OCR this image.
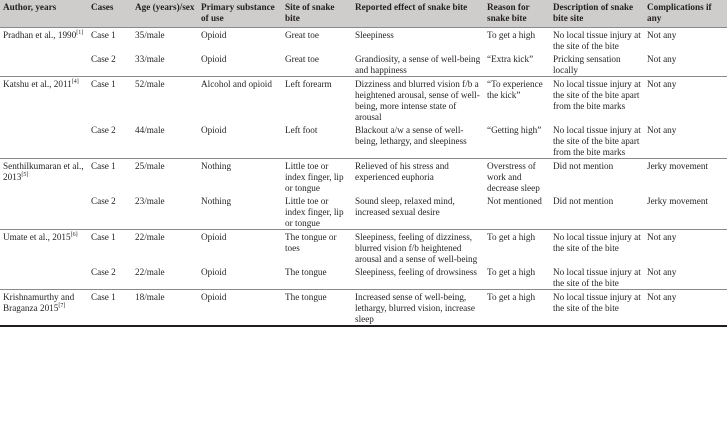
Author, years	Cases	Age (years)/sex	Primary substance of use	Site of snake bite	Reported effect of snake bite	Reason for snake bite	Description of snake bite site	Complications if any
Pradhan et al., 1990[1]	Case 1	35/male	Opioid	Great toe	Sleepiness	To get a high	No local tissue injury at the site of the bite	Not any
	Case 2	33/male	Opioid	Great toe	Grandiosity, a sense of well-being and happiness	“Extra kick”	Pricking sensation locally	Not any
Katshu et al., 2011[4]	Case 1	52/male	Alcohol and opioid	Left forearm	Dizziness and blurred vision f/b a heightened arousal, sense of well-being, more intense state of arousal	“To experience the kick”	No local tissue injury at the site of the bite apart from the bite marks	Not any
	Case 2	44/male	Opioid	Left foot	Blackout a/w a sense of well-being, lethargy, and sleepiness	“Getting high”	No local tissue injury at the site of the bite apart from the bite marks	Not any
Senthilkumaran et al., 2013[5]	Case 1	25/male	Nothing	Little toe or index finger, lip or tongue	Relieved of his stress and experienced euphoria	Overstress of work and decrease sleep	Did not mention	Jerky movement
	Case 2	23/male	Nothing	Little toe or index finger, lip or tongue	Sound sleep, relaxed mind, increased sexual desire	Not mentioned	Did not mention	Jerky movement
Umate et al., 2015[6]	Case 1	22/male	Opioid	The tongue or toes	Sleepiness, feeling of dizziness, blurred vision f/b heightened arousal and a sense of well-being	To get a high	No local tissue injury at the site of the bite	Not any
	Case 2	22/male	Opioid	The tongue	Sleepiness, feeling of drowsiness	To get a high	No local tissue injury at the site of the bite	Not any
Krishnamurthy and Braganza 2015[7]	Case 1	18/male	Opioid	The tongue	Increased sense of well-being, lethargy, blurred vision, increase sleep	To get a high	No local tissue injury at the site of the bite	Not any
